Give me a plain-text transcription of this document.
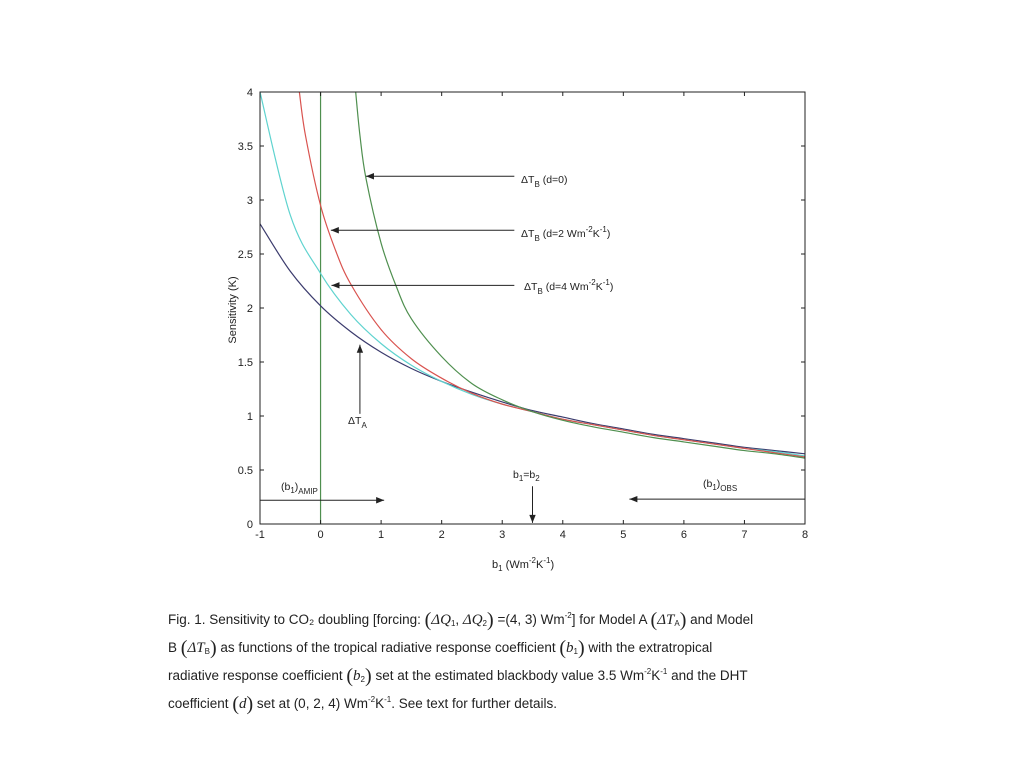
-1	0	1	2	3	4	5	6	7	8
0
0.5
1
1.5
2
2.5
3
3.5
4
Sensitivity (K)
$b_1$ $(Wm^{-2}K^{-1})$
$\Delta T_B$ (d=0)
$\Delta T_B$ (d=2 $Wm^{-2}K^{-1}$)
$\Delta T_B$ (d=4 $Wm^{-2}K^{-1}$)
$\Delta T_A$
$(b_1)_{AMIP}$
$b_1=b_2$	$(b_1)_{OBS}$
Fig. 1. Sensitivity to CO₂ doubling [forcing: ($\Delta Q_1$, $\Delta Q_2) =(4$, 3) $Wm^{-2}$] for Model A $(\Delta T_A)$ and Model
B $(\Delta T_B)$ as functions of the tropical radiative response coefficient $(b_1)$ with the extratropical
radiative response coefficient $(b_2)$ set at the estimated blackbody value 3.5 $Wm^{-2}K^{-1}$ and the DHT
coefficient (d) set at (0, 2, 4) $Wm^{-2}K^{-1}$. See text for further details.
